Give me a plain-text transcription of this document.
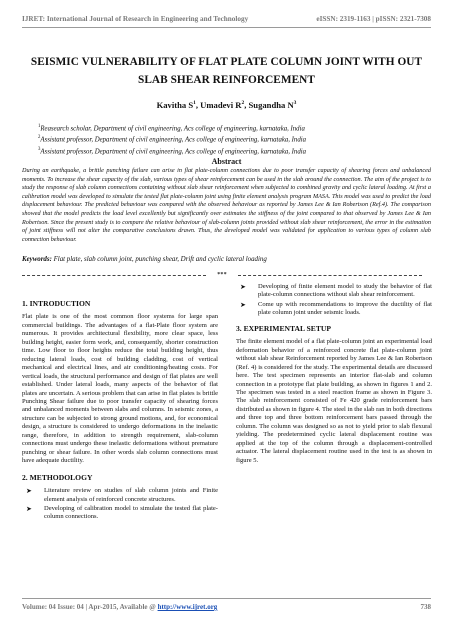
IJRET: International Journal of Research in Engineering and Technology	eISSN: 2319-1163 | pISSN: 2321-7308
SEISMIC VULNERABILITY OF FLAT PLATE COLUMN JOINT WITH OUT SLAB SHEAR REINFORCEMENT
Kavitha $S^1$, Umadevi $R^2$, Sugandha $N^3$
$^1$Reasearch scholar, Department of civil engineering, Acs college of engineering, karnataka, India
$^2$Assistant professor, Department of civil engineering, Acs college of engineering, karnataka, India
$^3$Assistant professor, Department of civil engineering, Acs college of engineering, karnataka, India
Abstract
During an earthquake, a brittle punching failure can arise in flat plate-column connections due to poor transfer capacity of shearing forces and unbalanced moments. To increase the shear capacity of the slab, various types of shear reinforcement can be used in the slab around the connection. The aim of the project is to study the response of slab column connections containing without slab shear reinforcement when subjected to combined gravity and cyclic lateral loading. At first a calibration model was developed to simulate the tested flat plate-column joint using finite element analysis program MASA. This model was used to predict the load displacement behaviour. The predicted behaviour was compared with the observed behaviour as reported by James Lee & Ian Robertson (Ref.4). The comparison showed that the model predicts the load level excellently but significantly over estimates the stiffness of the joint compared to that observed by James Lee & Ian Robertson. Since the present study is to compare the relative behaviour of slab-column joints provided without slab shear reinforcement, the error in the estimation of joint stiffness will not alter the comparative conclusions drawn. Thus, the developed model was validated for application to various types of column slab connection behaviour.
Keywords: Flat plate, slab column joint, punching shear, Drift and cyclic lateral loading
***
1. INTRODUCTION

Flat plate is one of the most common floor systems for large span commercial buildings. The advantages of a flat-Plate floor system are numerous. It provides architectural flexibility, more clear space, less building height, easier form work, and, consequently, shorter construction time. Low floor to floor heights reduce the total building height, thus reducing lateral loads, cost of building cladding, cost of vertical mechanical and electrical lines, and air conditioning/heating costs. For vertical loads, the structural performance and design of flat plates are well established. Under lateral loads, many aspects of the behavior of flat plates are uncertain. A serious problem that can arise in flat plates is brittle Punching Shear failure due to poor transfer capacity of shearing forces and unbalanced moments between slabs and columns. In seismic zones, a structure can be subjected to strong ground motions, and, for economical design, a structure is considered to undergo deformations in the inelastic range, therefore, in addition to strength requirement, slab-column connections must undergo these inelastic deformations without premature punching or shear failure. In other words slab column connections must have adequate ductility.

2. METHODOLOGY
➤ Literature review on studies of slab column joints and Finite element analysis of reinforced concrete structures.
➤ Developing of calibration model to simulate the tested flat plate-column connections.
➤ Developing of finite element model to study the behavior of flat plate-column connections without slab shear reinforcement.
➤ Come up with recommendations to improve the ductility of flat plate column joint under seismic loads.
3. EXPERIMENTAL SETUP

The finite element model of a flat plate-column joint an experimental load deformation behavior of a reinforced concrete flat plate-column joint without slab shear Reinforcement reported by James Lee & Ian Robertson (Ref. 4) is considered for the study. The experimental details are discussed here. The test specimen represents an interior flat-slab and column connection in a prototype flat plate building, as shown in figures 1 and 2. The specimen was tested in a steel reaction frame as shown in Figure 3. The slab reinforcement consisted of Fe 420 grade reinforcement bars distributed as shown in figure 4. The steel in the slab ran in both directions and three top and three bottom reinforcement bars passed through the column. The column was designed so as not to yield prior to slab flexural yielding. The predetermined cyclic lateral displacement routine was applied at the top of the column through a displacement-controlled actuator. The lateral displacement routine used in the test is as shown in figure 5.

Volume: 04 Issue: 04 | Apr-2015, Available @ http://www.ijret.org	738
